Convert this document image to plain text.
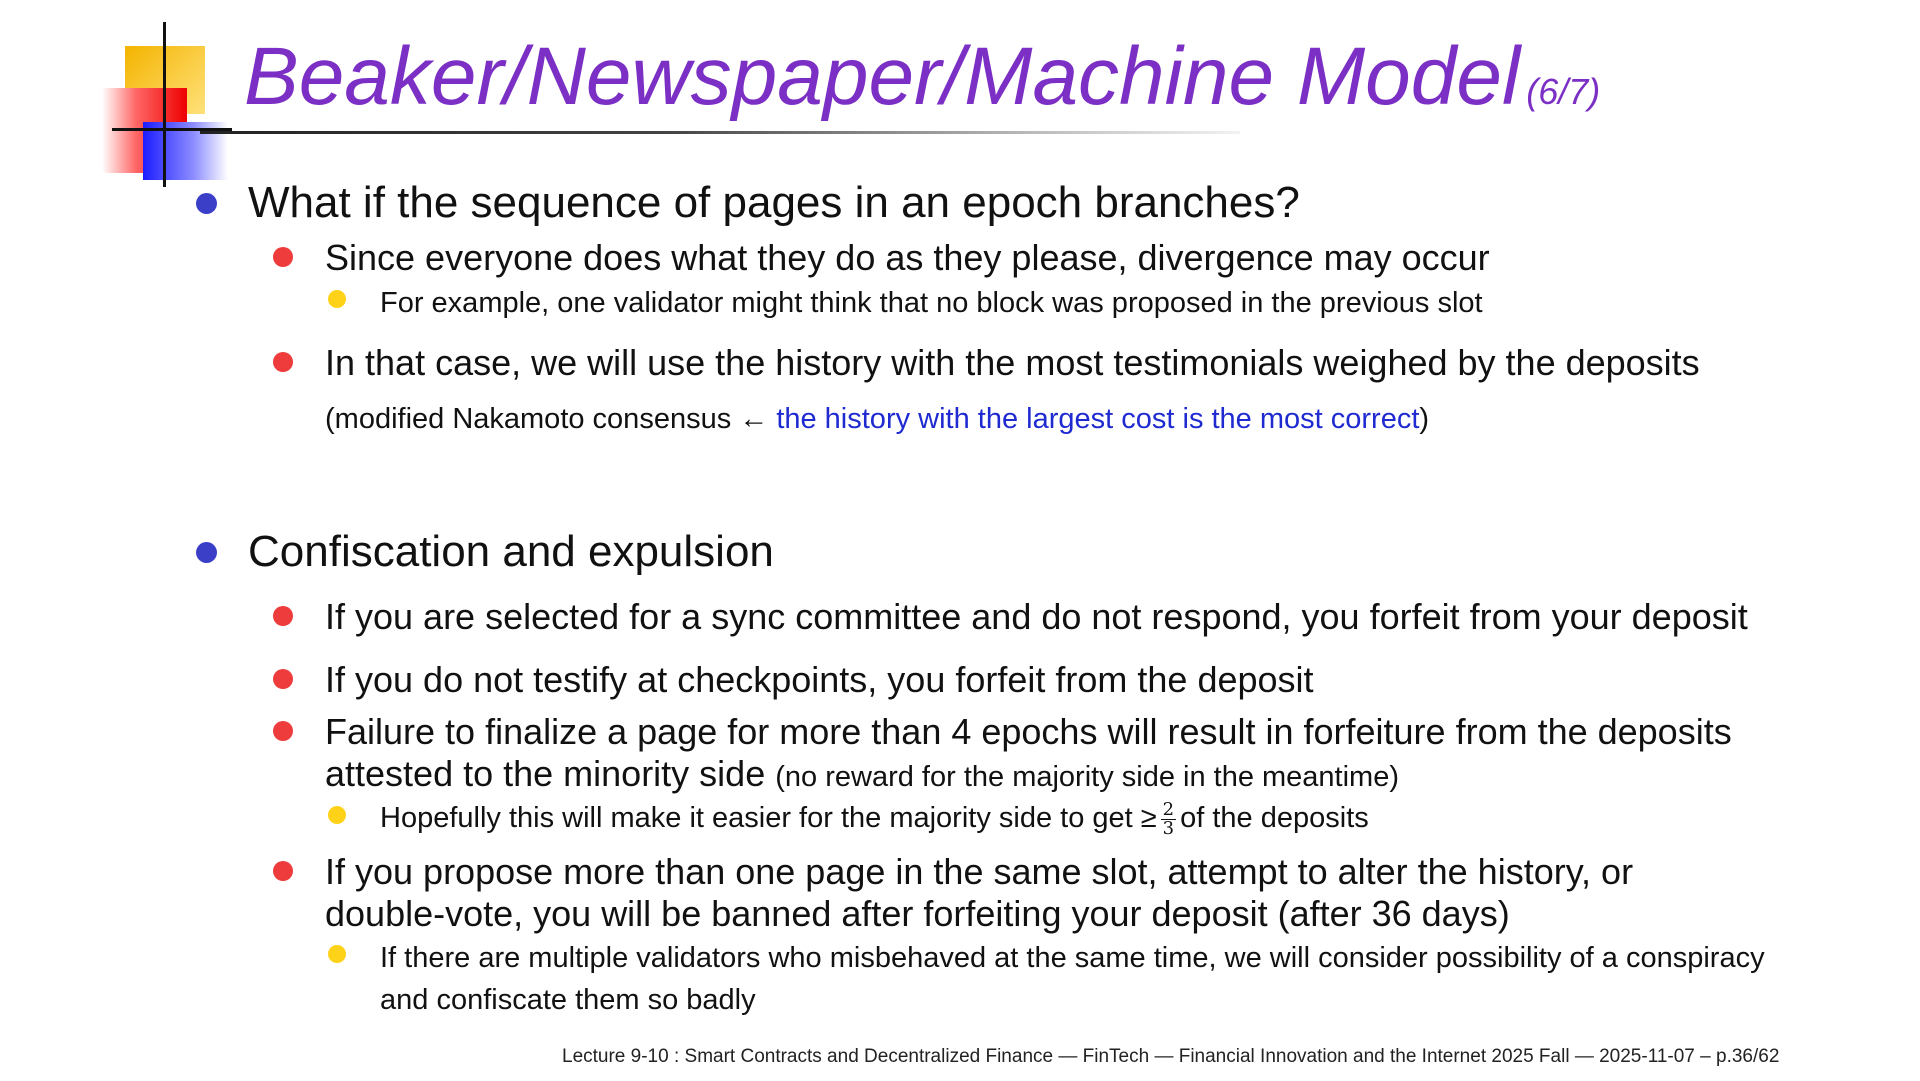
Beaker/Newspaper/Machine Model (6/7)
What if the sequence of pages in an epoch branches?
Since everyone does what they do as they please, divergence may occur
For example, one validator might think that no block was proposed in the previous slot
In that case, we will use the history with the most testimonials weighed by the deposits
(modified Nakamoto consensus ← the history with the largest cost is the most correct)
Confiscation and expulsion
If you are selected for a sync committee and do not respond, you forfeit from your deposit
If you do not testify at checkpoints, you forfeit from the deposit
Failure to finalize a page for more than 4 epochs will result in forfeiture from the deposits
attested to the minority side (no reward for the majority side in the meantime)
Hopefully this will make it easier for the majority side to get ≥ $\frac{2}{3}$ of the deposits
If you propose more than one page in the same slot, attempt to alter the history, or
double-vote, you will be banned after forfeiting your deposit (after 36 days)
If there are multiple validators who misbehaved at the same time, we will consider possibility of a conspiracy
and confiscate them so badly
Lecture 9-10 : Smart Contracts and Decentralized Finance — FinTech — Financial Innovation and the Internet 2025 Fall — 2025-11-07 – p.36/62
